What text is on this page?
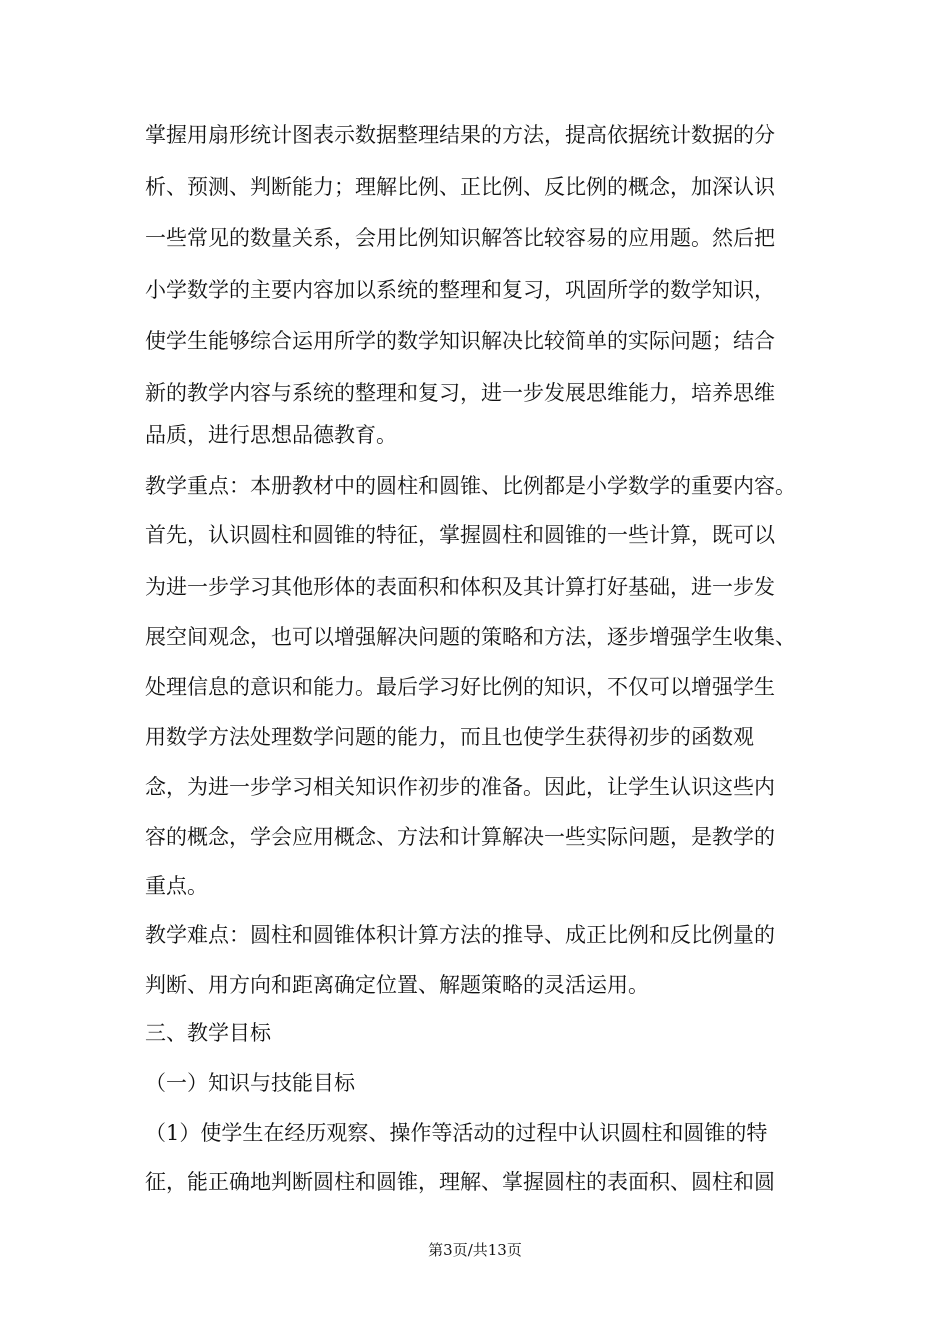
掌握用扇形统计图表示数据整理结果的方法，提高依据统计数据的分
析、预测、判断能力；理解比例、正比例、反比例的概念，加深认识
一些常见的数量关系，会用比例知识解答比较容易的应用题。然后把
小学数学的主要内容加以系统的整理和复习，巩固所学的数学知识，
使学生能够综合运用所学的数学知识解决比较简单的实际问题；结合
新的教学内容与系统的整理和复习，进一步发展思维能力，培养思维
品质，进行思想品德教育。
教学重点：本册教材中的圆柱和圆锥、比例都是小学数学的重要内容。
首先，认识圆柱和圆锥的特征，掌握圆柱和圆锥的一些计算，既可以
为进一步学习其他形体的表面积和体积及其计算打好基础，进一步发
展空间观念，也可以增强解决问题的策略和方法，逐步增强学生收集、
处理信息的意识和能力。最后学习好比例的知识，不仅可以增强学生
用数学方法处理数学问题的能力，而且也使学生获得初步的函数观
念，为进一步学习相关知识作初步的准备。因此，让学生认识这些内
容的概念，学会应用概念、方法和计算解决一些实际问题，是教学的
重点。
教学难点：圆柱和圆锥体积计算方法的推导、成正比例和反比例量的
判断、用方向和距离确定位置、解题策略的灵活运用。
三、教学目标
（一）知识与技能目标
（1）使学生在经历观察、操作等活动的过程中认识圆柱和圆锥的特
征，能正确地判断圆柱和圆锥，理解、掌握圆柱的表面积、圆柱和圆
第3页/共13页
